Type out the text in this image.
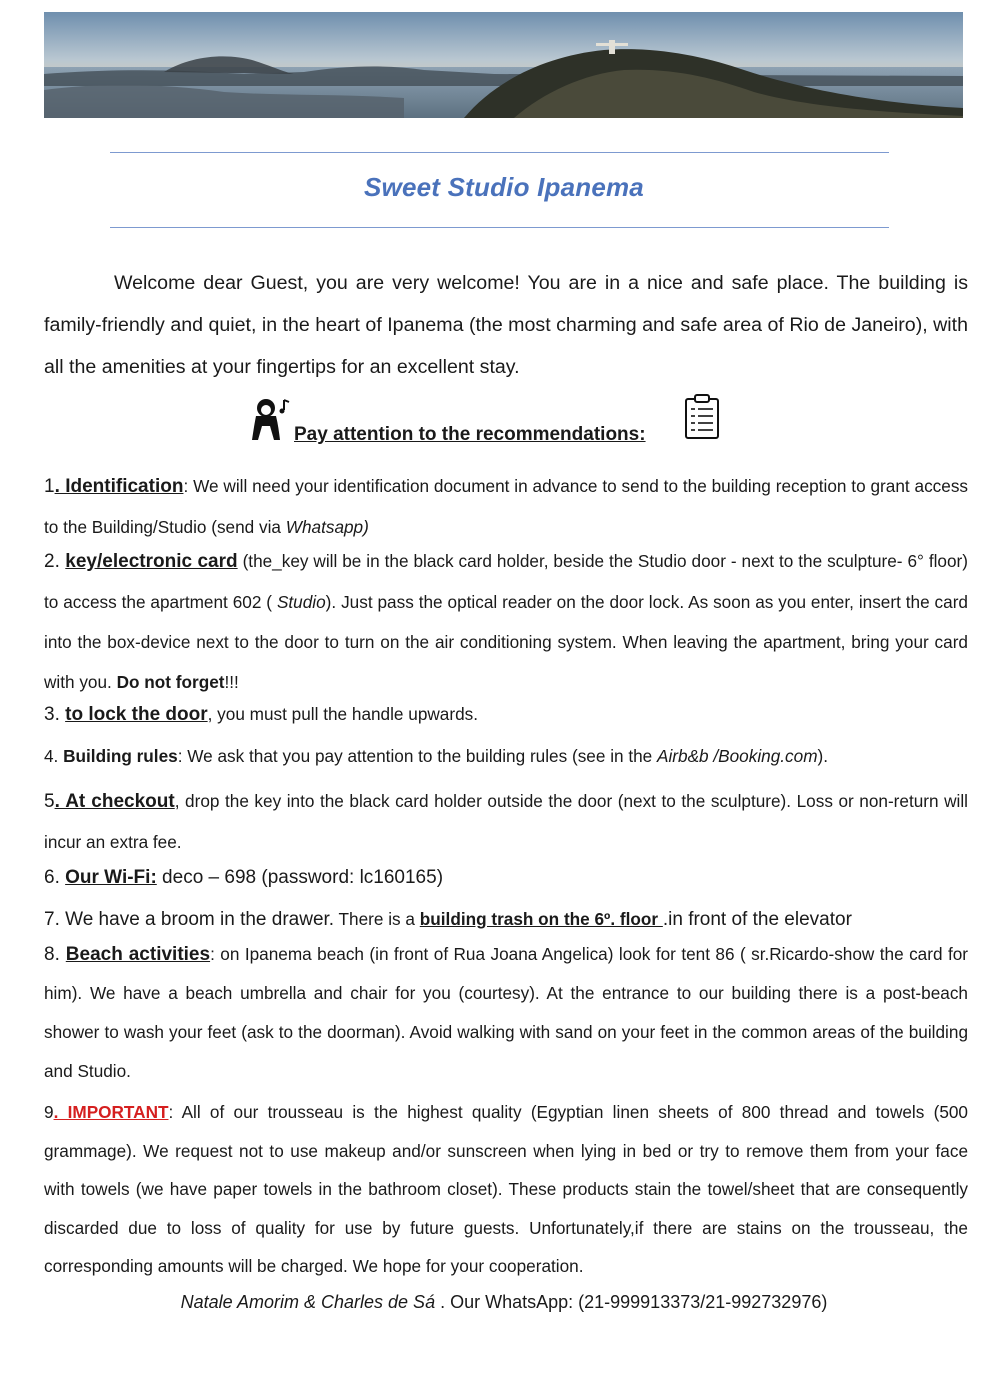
Sweet Studio Ipanema
Welcome dear Guest, you are very welcome! You are in a nice and safe place. The building is family-friendly and quiet, in the heart of Ipanema (the most charming and safe area of Rio de Janeiro), with all the amenities at your fingertips for an excellent stay.
Pay attention to the recommendations:
1. Identification: We will need your identification document in advance to send to the building reception to grant access to the Building/Studio (send via Whatsapp)
2. key/electronic card (the_key will be in the black card holder, beside the Studio door - next to the sculpture- 6° floor) to access the apartment 602 ( Studio). Just pass the optical reader on the door lock. As soon as you enter, insert the card into the box-device next to the door to turn on the air conditioning system. When leaving the apartment, bring your card with you. Do not forget!!!
3. to lock the door, you must pull the handle upwards.
4. Building rules: We ask that you pay attention to the building rules (see in the Airb&b /Booking.com).
5. At checkout, drop the key into the black card holder outside the door (next to the sculpture). Loss or non-return will incur an extra fee.
6. Our Wi-Fi: deco – 698 (password: lc160165)
7. We have a broom in the drawer. There is a building trash on the 6º. floor .in front of the elevator
8. Beach activities: on Ipanema beach (in front of Rua Joana Angelica) look for tent 86 ( sr.Ricardo-show the card for him). We have a beach umbrella and chair for you (courtesy). At the entrance to our building there is a post-beach shower to wash your feet (ask to the doorman). Avoid walking with sand on your feet in the common areas of the building and Studio.
9. IMPORTANT: All of our trousseau is the highest quality (Egyptian linen sheets of 800 thread and towels (500 grammage). We request not to use makeup and/or sunscreen when lying in bed or try to remove them from your face with towels (we have paper towels in the bathroom closet). These products stain the towel/sheet that are consequently discarded due to loss of quality for use by future guests. Unfortunately,if there are stains on the trousseau, the corresponding amounts will be charged. We hope for your cooperation.
Natale Amorim & Charles de Sá . Our WhatsApp: (21-999913373/21-992732976)
